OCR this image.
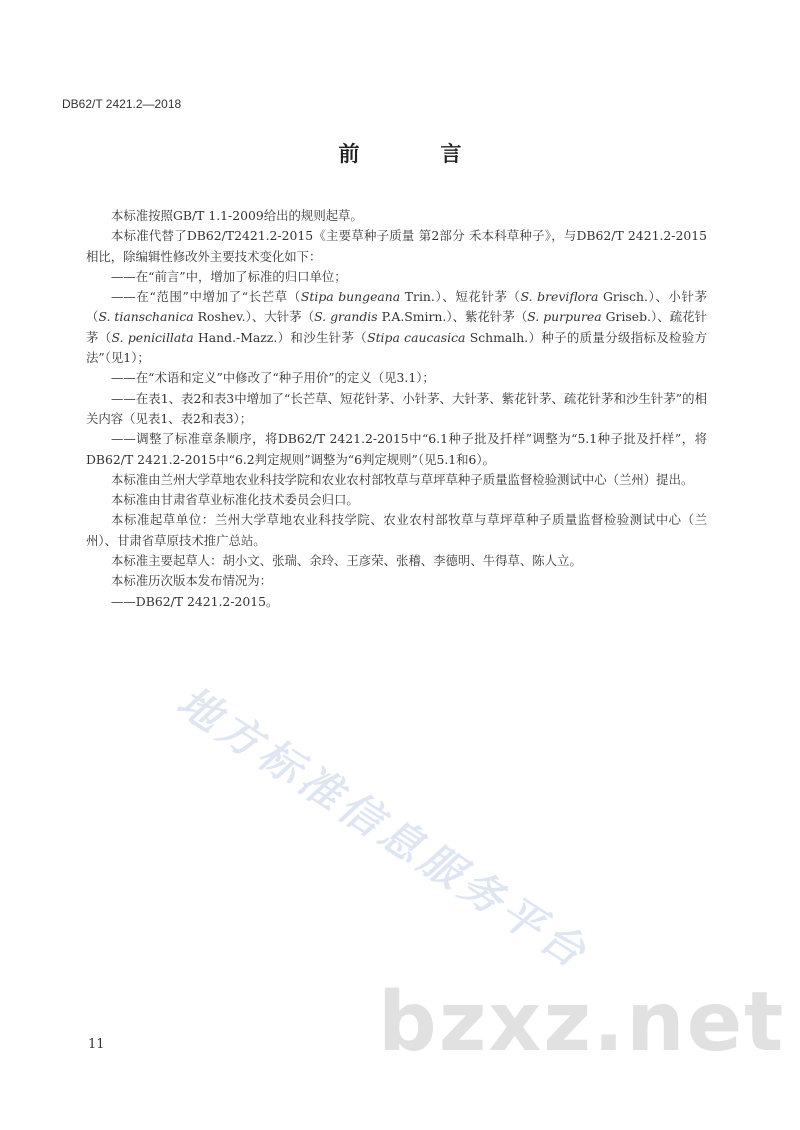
DB62/T 2421.2—2018
前　言

本标准按照GB/T 1.1-2009给出的规则起草。

本标准代替了DB62/T2421.2-2015《主要草种子质量 第2部分 禾本科草种子》，与DB62/T 2421.2-2015相比，除编辑性修改外主要技术变化如下：

——在“前言”中，增加了标准的归口单位；

——在“范围”中增加了“长芒草（Stipa bungeana Trin.）、短花针茅（S. breviflora Grisch.）、小针茅（S. tianschanica Roshev.）、大针茅（S. grandis P.A.Smirn.）、紫花针茅（S. purpurea Griseb.）、疏花针茅（S. penicillata Hand.-Mazz.）和沙生针茅（Stipa caucasica Schmalh.）种子的质量分级指标及检验方法”（见1）；

——在“术语和定义”中修改了“种子用价”的定义（见3.1）；

——在表1、表2和表3中增加了“长芒草、短花针茅、小针茅、大针茅、紫花针茅、疏花针茅和沙生针茅”的相关内容（见表1、表2和表3）；

——调整了标准章条顺序，将DB62/T 2421.2-2015中“6.1种子批及扦样”调整为“5.1种子批及扦样”，将DB62/T 2421.2-2015中“6.2判定规则”调整为“6判定规则”（见5.1和6）。

本标准由兰州大学草地农业科技学院和农业农村部牧草与草坪草种子质量监督检验测试中心（兰州）提出。

本标准由甘肃省草业标准化技术委员会归口。

本标准起草单位：兰州大学草地农业科技学院、农业农村部牧草与草坪草种子质量监督检验测试中心（兰州）、甘肃省草原技术推广总站。

本标准主要起草人：胡小文、张瑞、余玲、王彦荣、张稽、李德明、牛得草、陈人立。

本标准历次版本发布情况为：

——DB62/T 2421.2-2015。

地方标准信息服务平台
bzxz.net
11
